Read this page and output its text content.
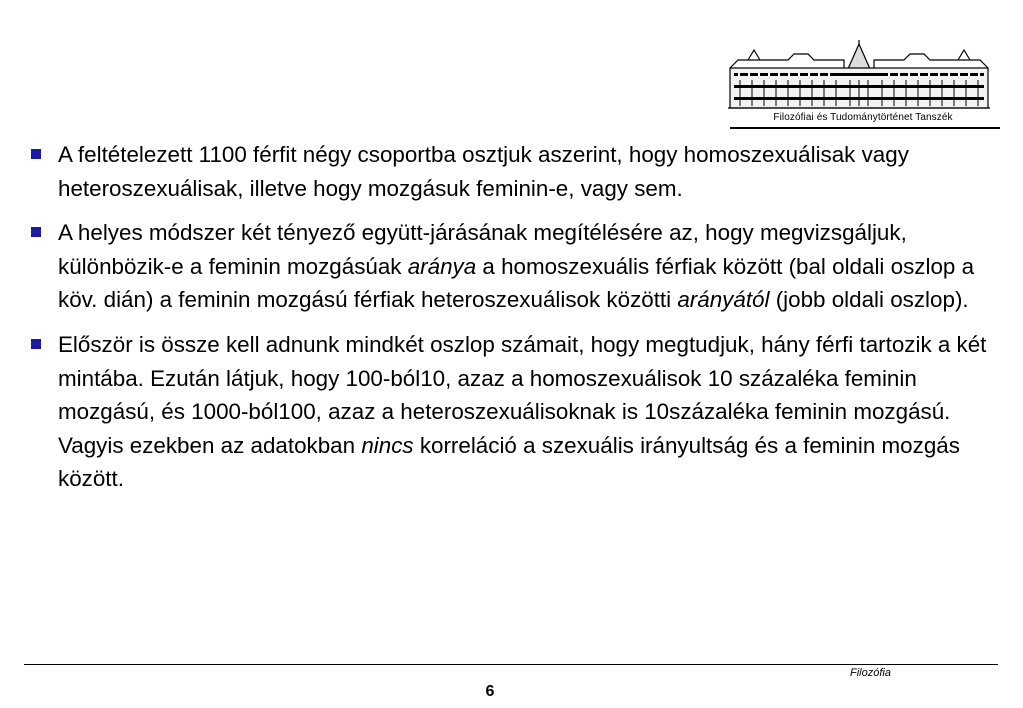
Filozófiai és Tudománytörténet Tanszék
A feltételezett 1100 férfit négy csoportba osztjuk aszerint, hogy homoszexuálisak vagy heteroszexuálisak, illetve hogy mozgásuk feminin-e, vagy sem.
A helyes módszer két tényező együtt-járásának megítélésére az, hogy megvizsgáljuk, különbözik-e a feminin mozgásúak aránya a homoszexuális férfiak között (bal oldali oszlop a köv. dián) a feminin mozgású férfiak heteroszexuálisok közötti arányától (jobb oldali oszlop).
Először is össze kell adnunk mindkét oszlop számait, hogy megtudjuk, hány férfi tartozik a két mintába. Ezután látjuk, hogy 100-ból10, azaz a homoszexuálisok 10 százaléka feminin mozgású, és 1000-ból100, azaz a heteroszexuálisoknak is 10százaléka feminin mozgású. Vagyis ezekben az adatokban nincs korreláció a szexuális irányultság és a feminin mozgás között.
Filozófia
6
